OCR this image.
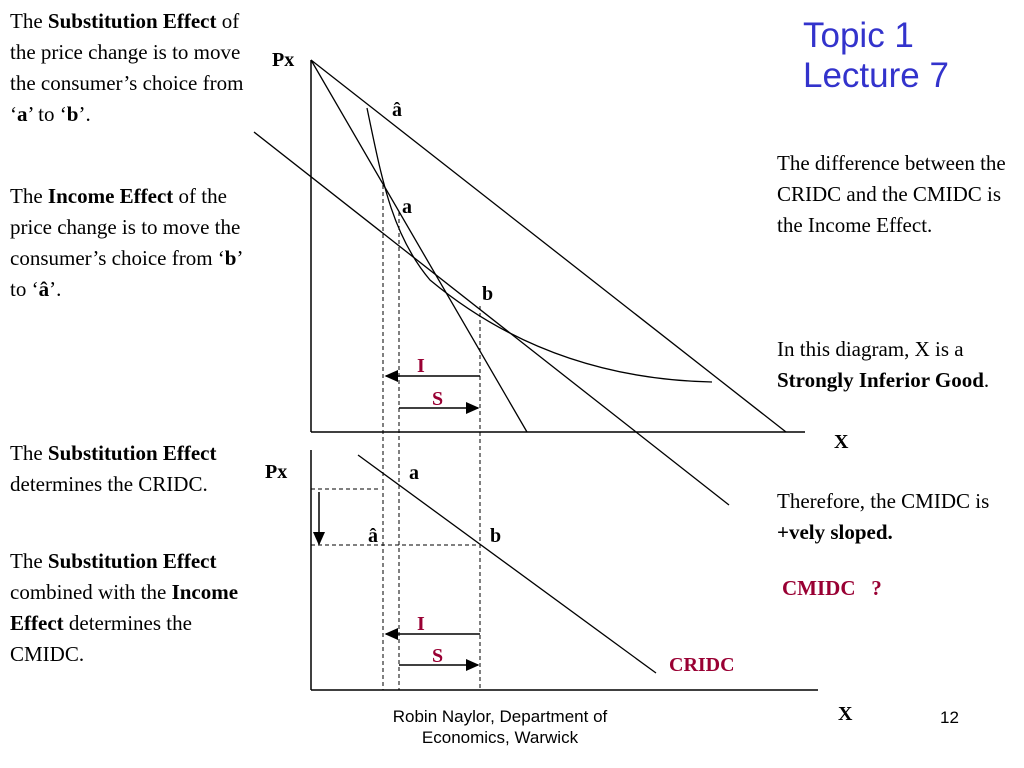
The Substitution Effect of the price change is to move the consumer’s choice from ‘a’ to ‘b’.
The Income Effect of the price change is to move the consumer’s choice from ‘b’ to ‘â’.
The Substitution Effect determines the CRIDC.
The Substitution Effect combined with the Income Effect determines the CMIDC.
Topic 1
Lecture 7
The difference between the CRIDC and the CMIDC is the Income Effect.
In this diagram, X is a Strongly Inferior Good.
Therefore, the CMIDC is +vely sloped.
CMIDC   ?
Px
X
â
a
b
I
S
Px
X
a
â	b
I
S	CRIDC
Robin Naylor, Department of
Economics, Warwick
12
